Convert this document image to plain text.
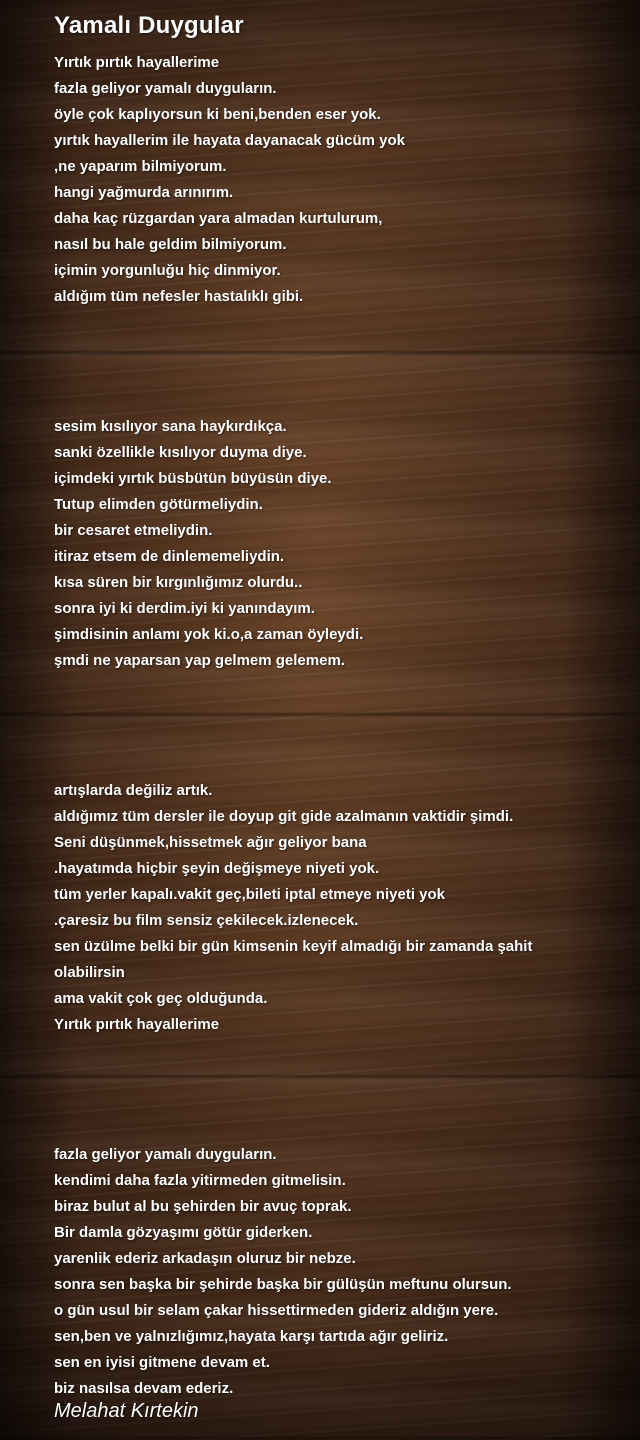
Yamalı Duygular
Yırtık pırtık hayallerime
fazla geliyor yamalı duyguların.
öyle çok kaplıyorsun ki beni,benden eser yok.
yırtık hayallerim ile hayata dayanacak gücüm yok
,ne yaparım bilmiyorum.
hangi yağmurda arınırım.
daha kaç rüzgardan yara almadan kurtulurum,
nasıl bu hale geldim bilmiyorum.
içimin yorgunluğu hiç dinmiyor.
aldığım tüm nefesler hastalıklı gibi.
sesim kısılıyor sana haykırdıkça.
sanki özellikle kısılıyor duyma diye.
içimdeki yırtık büsbütün büyüsün diye.
Tutup elimden götürmeliydin.
bir cesaret etmeliydin.
itiraz etsem de dinlememeliydin.
kısa süren bir kırgınlığımız olurdu..
sonra iyi ki derdim.iyi ki yanındayım.
şimdisinin anlamı yok ki.o,a zaman öyleydi.
şmdi ne yaparsan yap gelmem gelemem.
artışlarda değiliz artık.
aldığımız tüm dersler ile doyup git gide azalmanın vaktidir şimdi.
Seni düşünmek,hissetmek ağır geliyor bana
.hayatımda hiçbir şeyin değişmeye niyeti yok.
tüm yerler kapalı.vakit geç,bileti iptal etmeye niyeti yok
.çaresiz bu film sensiz çekilecek.izlenecek.
sen üzülme belki bir gün kimsenin keyif almadığı bir zamanda şahit
olabilirsin
ama vakit çok geç olduğunda.
Yırtık pırtık hayallerime
fazla geliyor yamalı duyguların.
kendimi daha fazla yitirmeden gitmelisin.
biraz bulut al bu şehirden bir avuç toprak.
Bir damla gözyaşımı götür giderken.
yarenlik ederiz arkadaşın oluruz bir nebze.
sonra sen başka bir şehirde başka bir gülüşün meftunu olursun.
o gün usul bir selam çakar hissettirmeden gideriz aldığın yere.
sen,ben ve yalnızlığımız,hayata karşı tartıda ağır geliriz.
sen en iyisi gitmene devam et.
biz nasılsa devam ederiz.

Melahat Kırtekin
